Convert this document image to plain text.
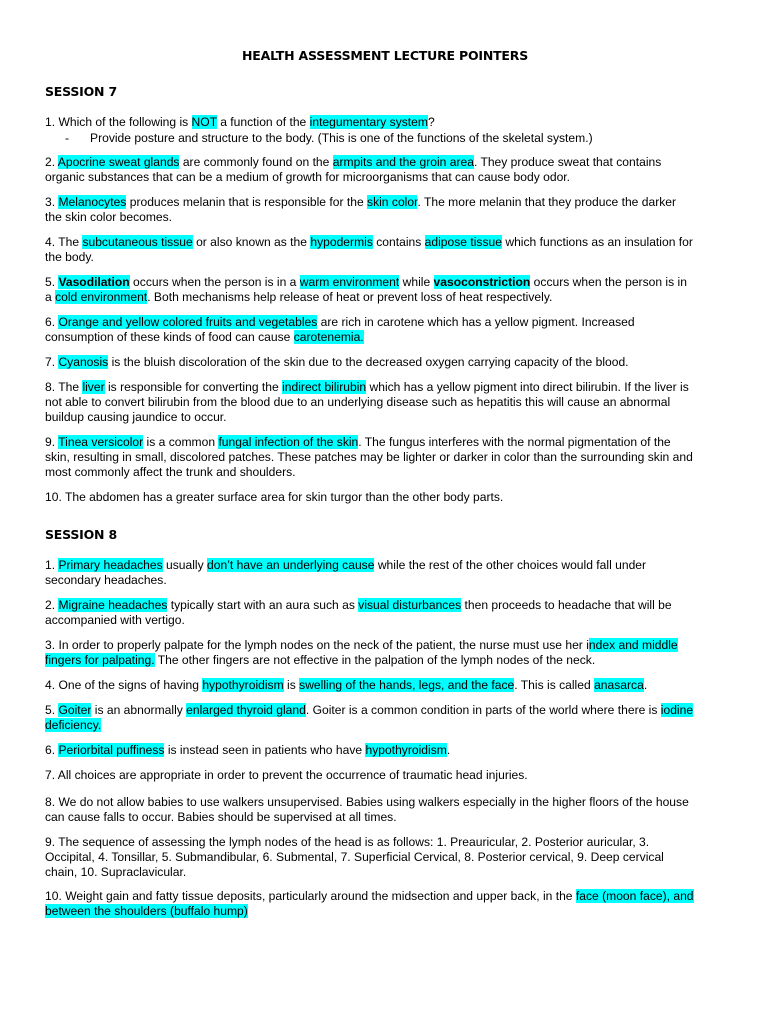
HEALTH ASSESSMENT LECTURE POINTERS
SESSION 7
1. Which of the following is NOT a function of the integumentary system?
2. Apocrine sweat glands are commonly found on the armpits and the groin area. They produce sweat that contains
organic substances that can be a medium of growth for microorganisms that can cause body odor.
3. Melanocytes produces melanin that is responsible for the skin color. The more melanin that they produce the darker
the skin color becomes.
4. The subcutaneous tissue or also known as the hypodermis contains adipose tissue which functions as an insulation for
the body.
5. Vasodilation occurs when the person is in a warm environment while vasoconstriction occurs when the person is in
a cold environment. Both mechanisms help release of heat or prevent loss of heat respectively.
6. Orange and yellow colored fruits and vegetables are rich in carotene which has a yellow pigment. Increased
consumption of these kinds of food can cause carotenemia.
7. Cyanosis is the bluish discoloration of the skin due to the decreased oxygen carrying capacity of the blood.
8. The liver is responsible for converting the indirect bilirubin which has a yellow pigment into direct bilirubin. If the liver is
not able to convert bilirubin from the blood due to an underlying disease such as hepatitis this will cause an abnormal
buildup causing jaundice to occur.
9. Tinea versicolor is a common fungal infection of the skin. The fungus interferes with the normal pigmentation of the
skin, resulting in small, discolored patches. These patches may be lighter or darker in color than the surrounding skin and
most commonly affect the trunk and shoulders.
10. The abdomen has a greater surface area for skin turgor than the other body parts.
- Provide posture and structure to the body. (This is one of the functions of the skeletal system.)
SESSION 8
1. Primary headaches usually don’t have an underlying cause while the rest of the other choices would fall under
secondary headaches.
2. Migraine headaches typically start with an aura such as visual disturbances then proceeds to headache that will be
accompanied with vertigo.
3. In order to properly palpate for the lymph nodes on the neck of the patient, the nurse must use her index and middle
fingers for palpating. The other fingers are not effective in the palpation of the lymph nodes of the neck.
4. One of the signs of having hypothyroidism is swelling of the hands, legs, and the face. This is called anasarca.
5. Goiter is an abnormally enlarged thyroid gland. Goiter is a common condition in parts of the world where there is iodine
deficiency.
6. Periorbital puffiness is instead seen in patients who have hypothyroidism.
7. All choices are appropriate in order to prevent the occurrence of traumatic head injuries.
8. We do not allow babies to use walkers unsupervised. Babies using walkers especially in the higher floors of the house
can cause falls to occur. Babies should be supervised at all times.
9. The sequence of assessing the lymph nodes of the head is as follows: 1. Preauricular, 2. Posterior auricular, 3.
Occipital, 4. Tonsillar, 5. Submandibular, 6. Submental, 7. Superficial Cervical, 8. Posterior cervical, 9. Deep cervical
chain, 10. Supraclavicular.
10. Weight gain and fatty tissue deposits, particularly around the midsection and upper back, in the face (moon face), and
between the shoulders (buffalo hump)
